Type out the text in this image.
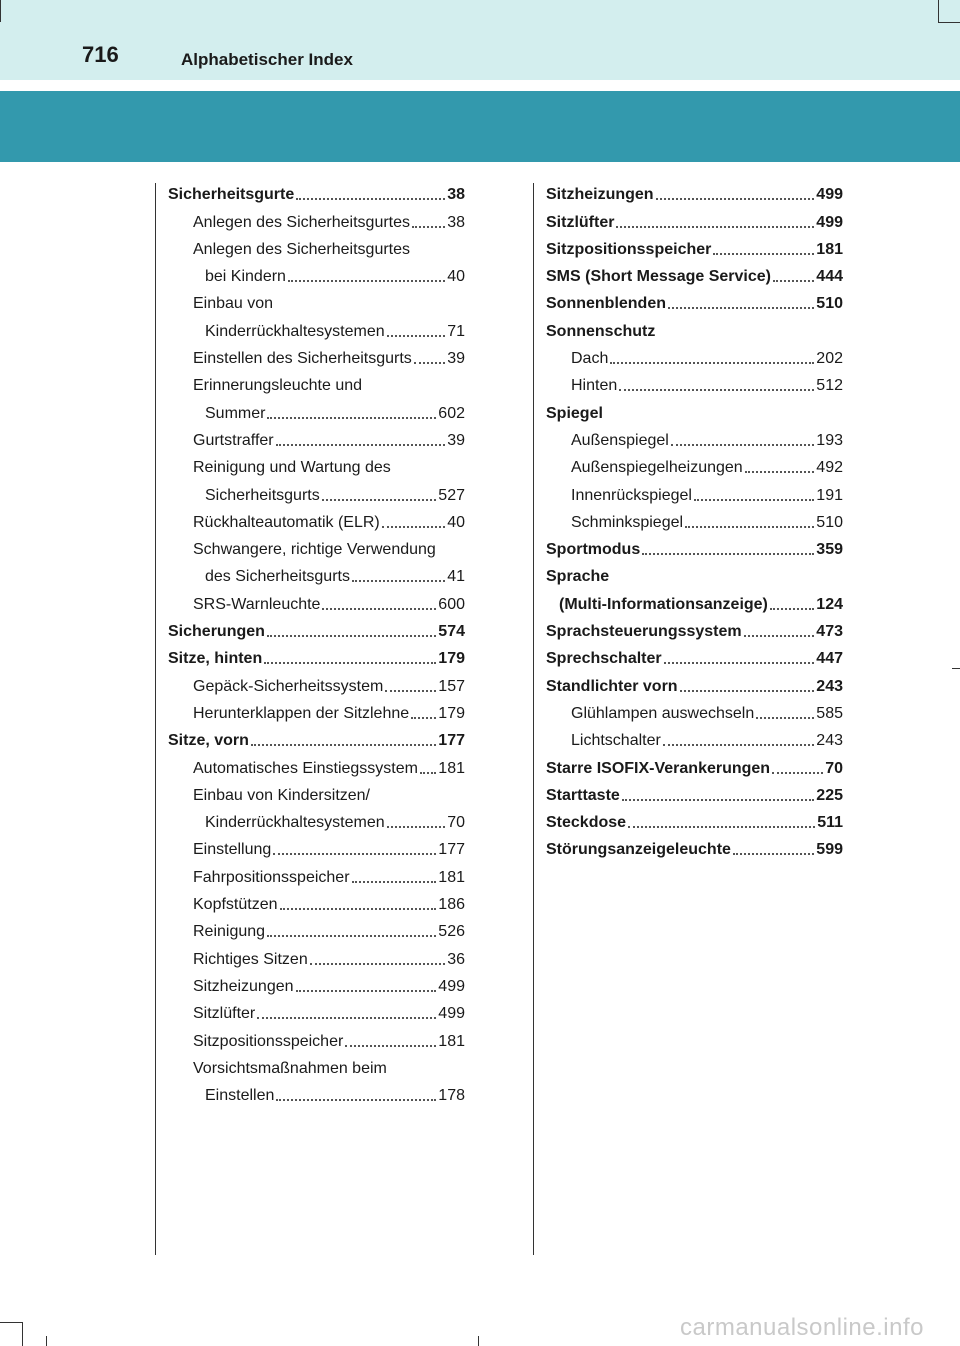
716	Alphabetischer Index
Sicherheitsgurte	38
Anlegen des Sicherheitsgurtes 38
Anlegen des Sicherheitsgurtes
bei Kindern	40
Einbau von
Kinderrückhaltesystemen	71
Einstellen des Sicherheitsgurts 39
Erinnerungsleuchte und
Summer	602
Gurtstraffer	39
Reinigung und Wartung des
Sicherheitsgurts	527
Rückhalteautomatik (ELR)	40
Schwangere, richtige Verwendung
des Sicherheitsgurts	41
SRS-Warnleuchte	600
Sicherungen	574
Sitze, hinten	179
Gepäck-Sicherheitssystem	157
Herunterklappen der Sitzlehne 179
Sitze, vorn	177
Automatisches Einstiegssystem 181
Einbau von Kindersitzen/
Kinderrückhaltesystemen	70
Einstellung	177
Fahrpositionsspeicher	181
Kopfstützen	186
Reinigung	526
Richtiges Sitzen	36
Sitzheizungen	499
Sitzlüfter	499
Sitzpositionsspeicher	181
Vorsichtsmaßnahmen beim
Einstellen	178
Sitzheizungen	499
Sitzlüfter	499
Sitzpositionsspeicher	181
SMS (Short Message Service)	444
Sonnenblenden	510
Sonnenschutz
Dach	202
Hinten	512
Spiegel
Außenspiegel	193
Außenspiegelheizungen	492
Innenrückspiegel	191
Schminkspiegel	510
Sportmodus	359
Sprache
(Multi-Informationsanzeige)	124
Sprachsteuerungssystem	473
Sprechschalter	447
Standlichter vorn	243
Glühlampen auswechseln	585
Lichtschalter	243
Starre ISOFIX-Verankerungen	70
Starttaste	225
Steckdose	511
Störungsanzeigeleuchte	599
carmanualsonline.info
